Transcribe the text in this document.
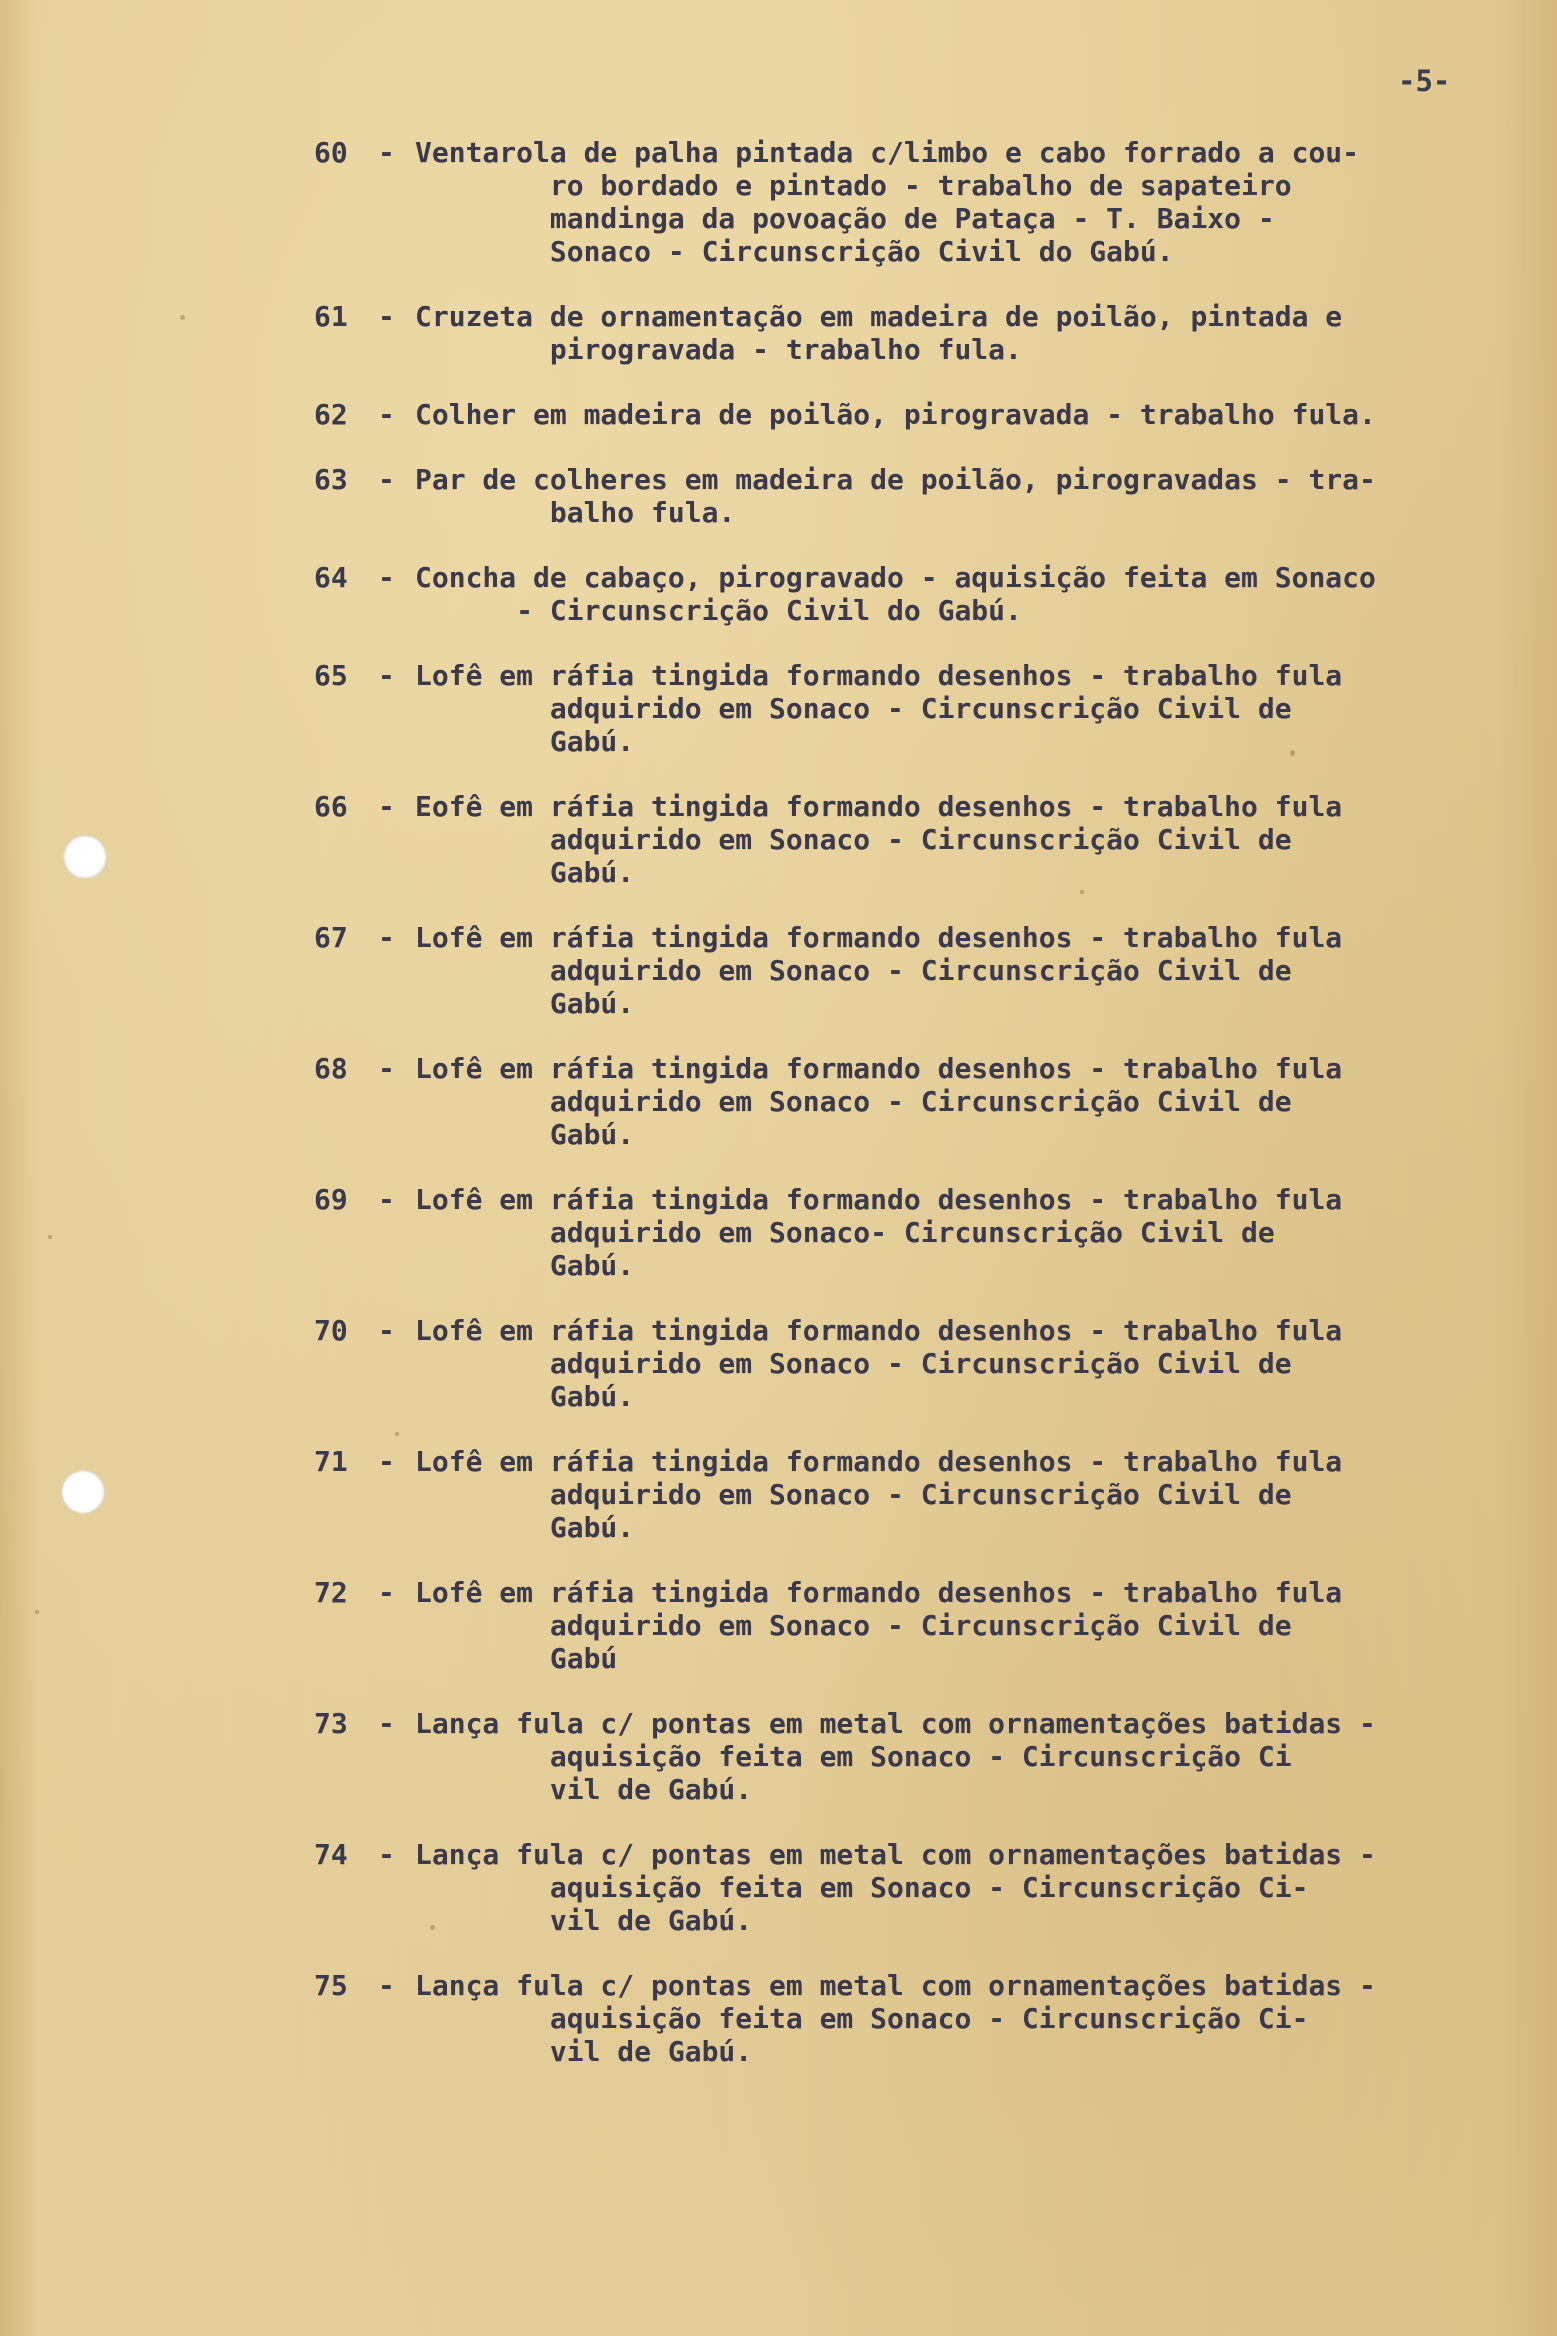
-5-
60 - Ventarola de palha pintada c/limbo e cabo forrado a cou-
ro bordado e pintado - trabalho de sapateiro
mandinga da povoação de Pataça - T. Baixo -
Sonaco - Circunscrição Civil do Gabú.
61 - Cruzeta de ornamentação em madeira de poilão, pintada e
pirogravada - trabalho fula.
62 - Colher em madeira de poilão, pirogravada - trabalho fula.
63 - Par de colheres em madeira de poilão, pirogravadas - tra-
balho fula.
64 - Concha de cabaço, pirogravado - aquisição feita em Sonaco
- Circunscrição Civil do Gabú.
65 - Lofê em ráfia tingida formando desenhos - trabalho fula
adquirido em Sonaco - Circunscrição Civil de
Gabú.
66 - Eofê em ráfia tingida formando desenhos - trabalho fula
adquirido em Sonaco - Circunscrição Civil de
Gabú.
67 - Lofê em ráfia tingida formando desenhos - trabalho fula
adquirido em Sonaco - Circunscrição Civil de
Gabú.
68 - Lofê em ráfia tingida formando desenhos - trabalho fula
adquirido em Sonaco - Circunscrição Civil de
Gabú.
69 - Lofê em ráfia tingida formando desenhos - trabalho fula
adquirido em Sonaco- Circunscrição Civil de
Gabú.
70 - Lofê em ráfia tingida formando desenhos - trabalho fula
adquirido em Sonaco - Circunscrição Civil de
Gabú.
71 - Lofê em ráfia tingida formando desenhos - trabalho fula
adquirido em Sonaco - Circunscrição Civil de
Gabú.
72 - Lofê em ráfia tingida formando desenhos - trabalho fula
adquirido em Sonaco - Circunscrição Civil de
Gabú
73 - Lança fula c/ pontas em metal com ornamentações batidas -
aquisição feita em Sonaco - Circunscrição Ci
vil de Gabú.
74 - Lança fula c/ pontas em metal com ornamentações batidas -
aquisição feita em Sonaco - Circunscrição Ci-
vil de Gabú.
75 - Lança fula c/ pontas em metal com ornamentações batidas -
aquisição feita em Sonaco - Circunscrição Ci-
vil de Gabú.
